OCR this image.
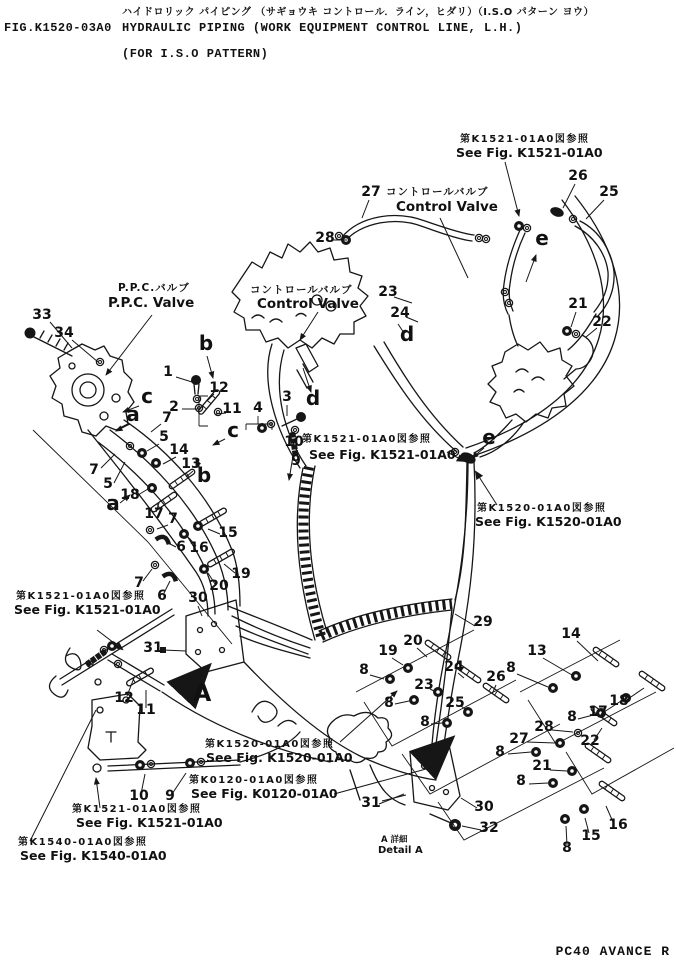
ハイドロリック パイピング （サギョウキ コントロール．ライン，ヒダリ）（I.S.O パターン ヨウ）
FIG.K1520-03A0 HYDRAULIC PIPING (WORK EQUIPMENT CONTROL LINE, L.H.)
(FOR I.S.O PATTERN)
33
34
1
2
12
11 4
3
10
9
27
28
26
25
23
24
21
22
5
14
13
7
5
7
18
17 7
6
15
16
7
6
19
20
30
31
12
11
29
10 9	31
8
19
20
23
24
8	25
26
8
8
13
14
8 17
18
28
27
8
22
21
8
30
32
8
15
16
a
a
b
b
c
c
d
d
e
e
A
第K1521-01A0図参照
See Fig. K1521-01A0
第K1521-01A0図参照
See Fig. K1521-01A0
第K1520-01A0図参照
See Fig. K1520-01A0
第K1521-01A0図参照
See Fig. K1521-01A0
第K1520-01A0図参照
See Fig. K1520-01A0
第K0120-01A0図参照
See Fig. K0120-01A0
第K1521-01A0図参照
See Fig. K1521-01A0
第K1540-01A0図参照
See Fig. K1540-01A0
P.P.C.バルブ
P.P.C. Valve
コントロールバルブ
Control Valve
コントロールバルブ
Control Valve
A 詳細
Detail A
PC40 AVANCE R
